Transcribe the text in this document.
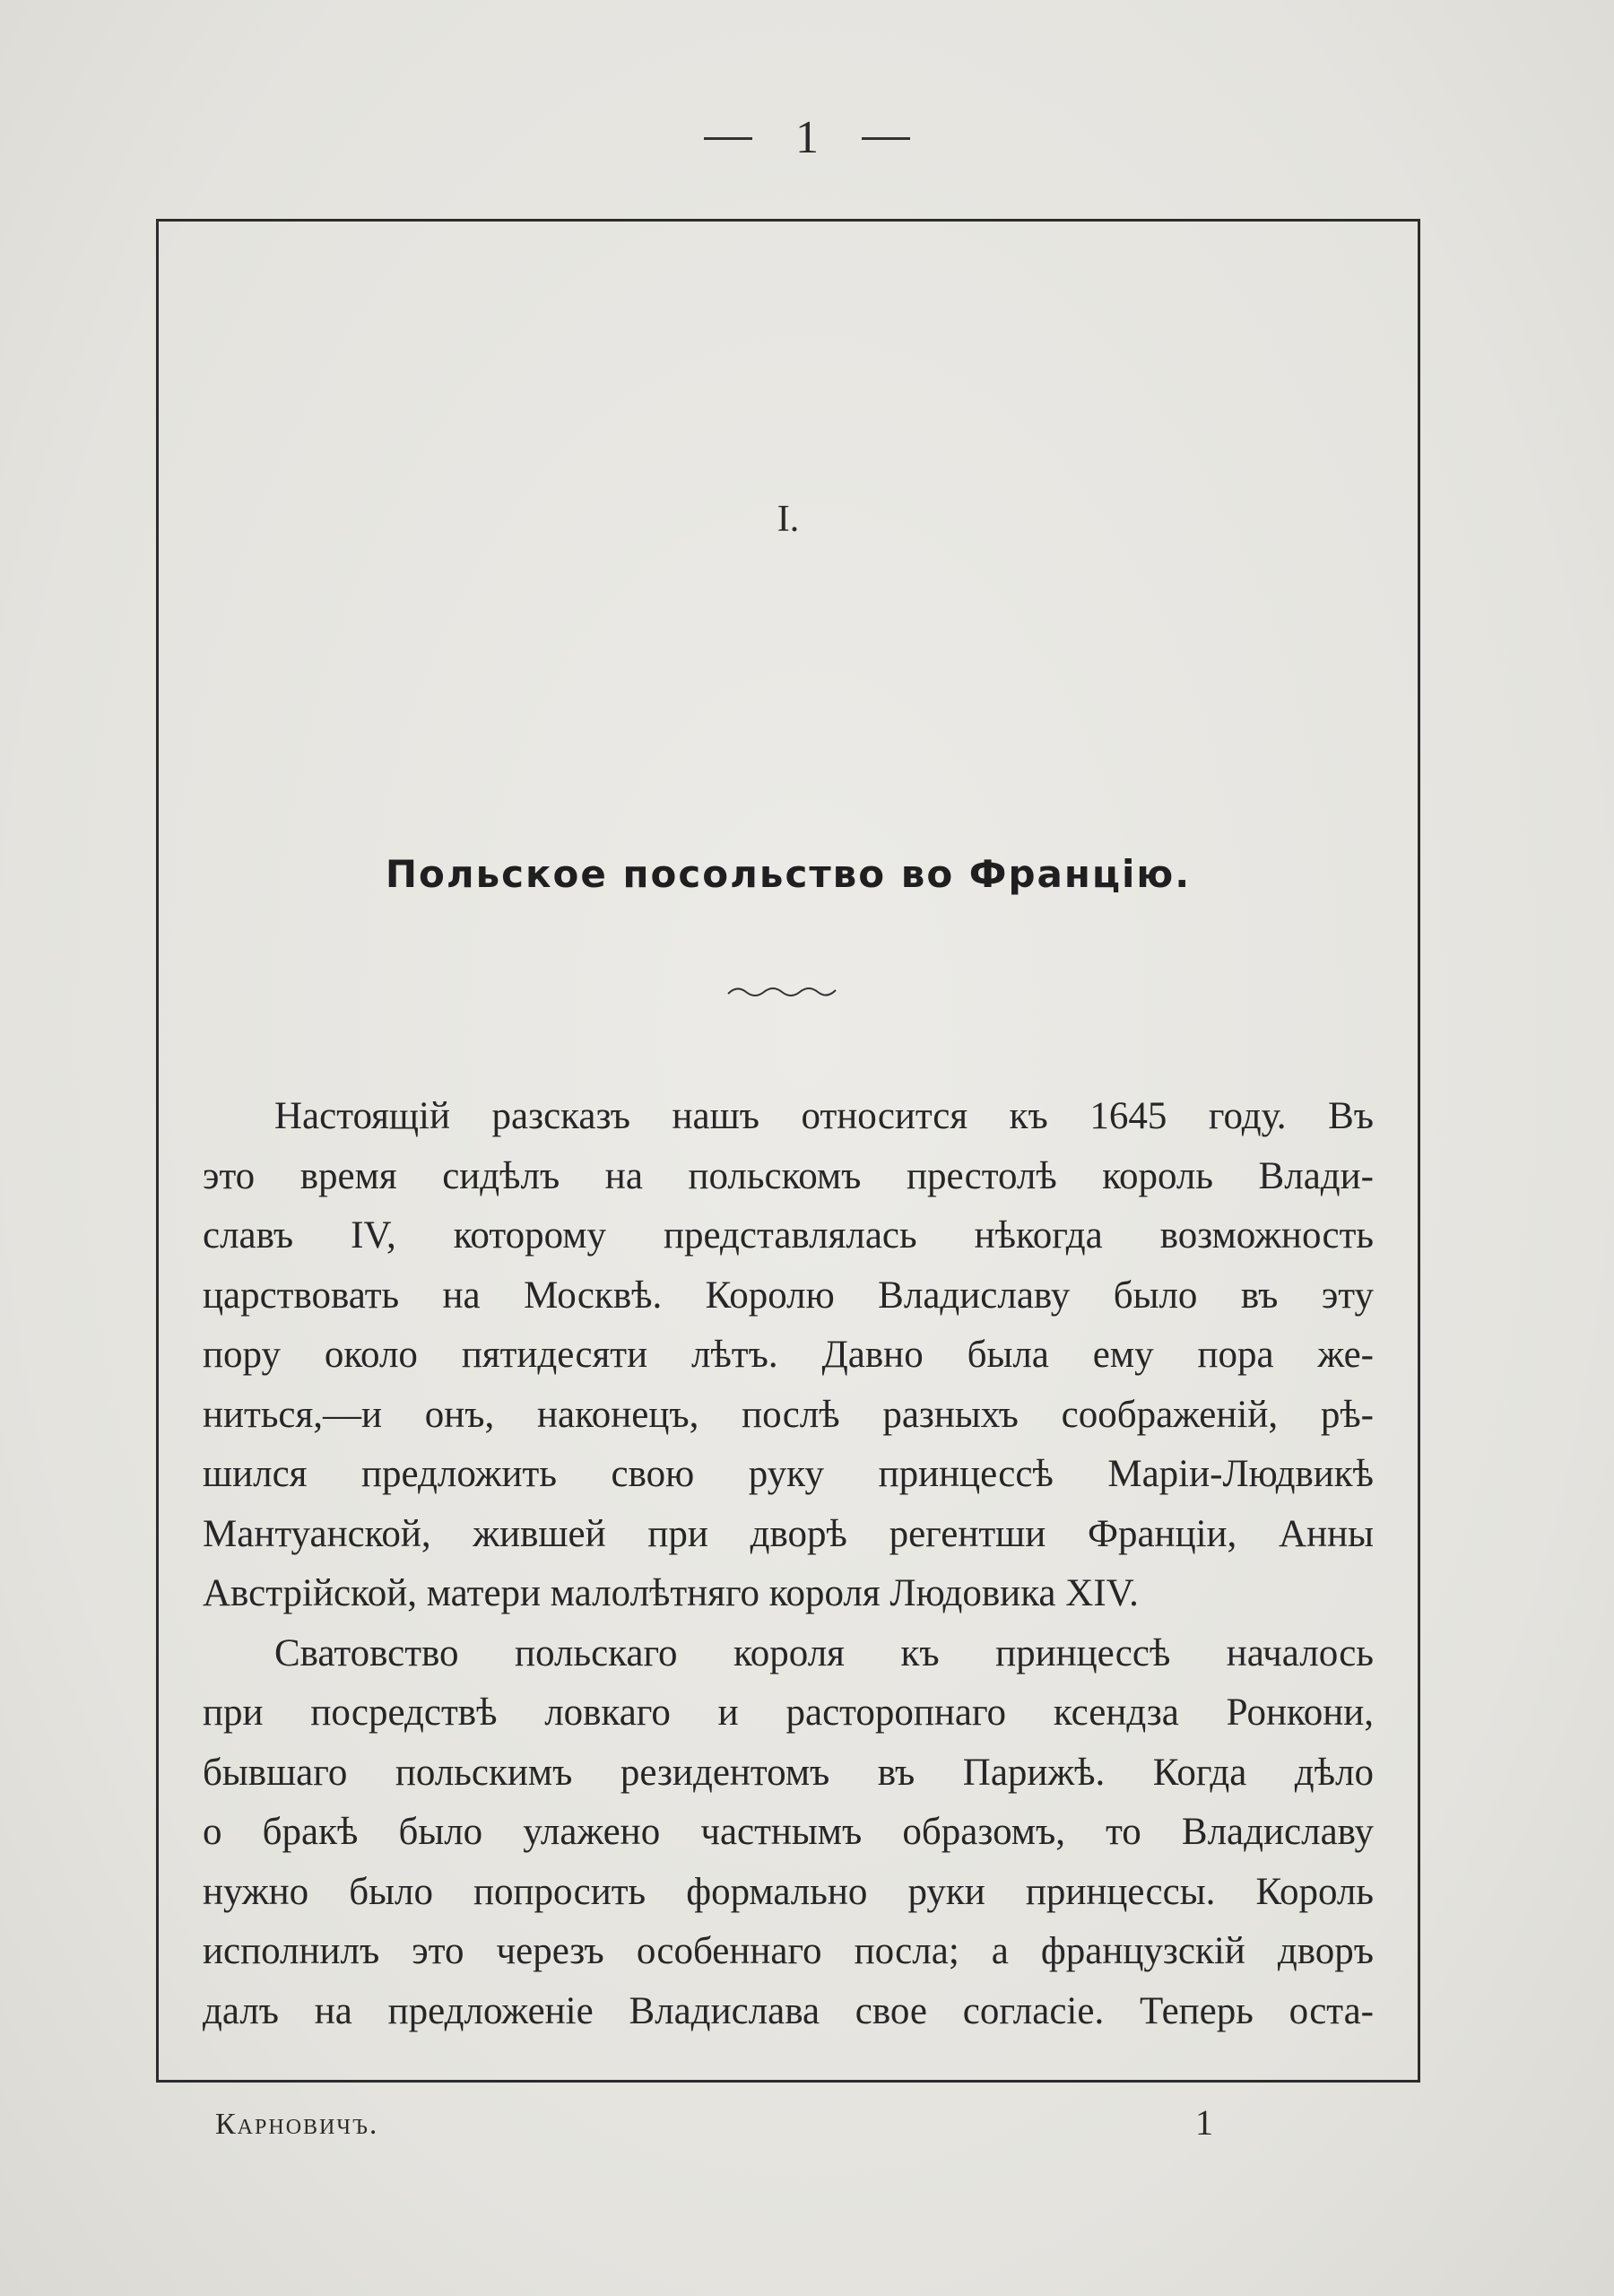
1
I.
Польское посольство во Францію.
Настоящій разсказъ нашъ относится къ 1645 году. Въ
это время сидѣлъ на польскомъ престолѣ король Влади-
славъ IV, которому представлялась нѣкогда возможность
царствовать на Москвѣ. Королю Владиславу было въ эту
пору около пятидесяти лѣтъ. Давно была ему пора же-
ниться,—и онъ, наконецъ, послѣ разныхъ соображеній, рѣ-
шился предложить свою руку принцессѣ Маріи-Людвикѣ
Мантуанской, жившей при дворѣ регентши Франціи, Анны
Австрійской, матери малолѣтняго короля Людовика XIV.
Сватовство польскаго короля къ принцессѣ началось
при посредствѣ ловкаго и расторопнаго ксендза Ронкони,
бывшаго польскимъ резидентомъ въ Парижѣ. Когда дѣло
о бракѣ было улажено частнымъ образомъ, то Владиславу
нужно было попросить формально руки принцессы. Король
исполнилъ это черезъ особеннаго посла; а французскій дворъ
далъ на предложеніе Владислава свое согласіе. Теперь оста-
Карновичъ.	1
